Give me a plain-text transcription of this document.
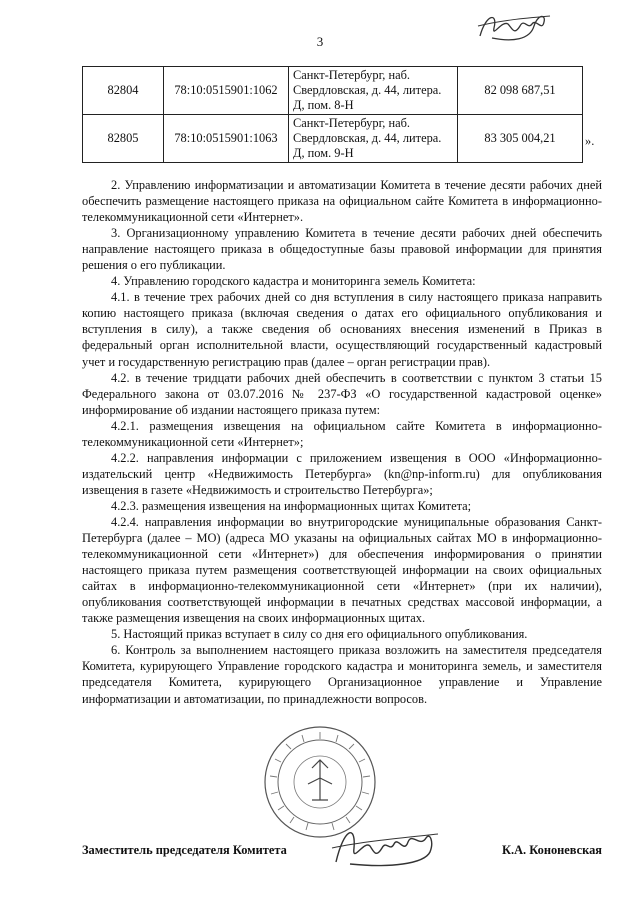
3
82804	78:10:0515901:1062	Санкт-Петербург, наб. Свердловская, д. 44, литера. Д, пом. 8-Н	82 098 687,51
82805	78:10:0515901:1063	Санкт-Петербург, наб. Свердловская, д. 44, литера. Д, пом. 9-Н	83 305 004,21 ».

2. Управлению информатизации и автоматизации Комитета в течение десяти рабочих дней обеспечить размещение настоящего приказа на официальном сайте Комитета в информационно-телекоммуникационной сети «Интернет».

3. Организационному управлению Комитета в течение десяти рабочих дней обеспечить направление настоящего приказа в общедоступные базы правовой информации для принятия решения о его публикации.

4. Управлению городского кадастра и мониторинга земель Комитета:

4.1. в течение трех рабочих дней со дня вступления в силу настоящего приказа направить копию настоящего приказа (включая сведения о датах его официального опубликования и вступления в силу), а также сведения об основаниях внесения изменений в Приказ в федеральный орган исполнительной власти, осуществляющий государственный кадастровый учет и государственную регистрацию прав (далее – орган регистрации прав).

4.2. в течение тридцати рабочих дней обеспечить в соответствии с пунктом 3 статьи 15 Федерального закона от 03.07.2016 № 237-ФЗ «О государственной кадастровой оценке» информирование об издании настоящего приказа путем:

4.2.1. размещения извещения на официальном сайте Комитета в информационно-телекоммуникационной сети «Интернет»;

4.2.2. направления информации с приложением извещения в ООО «Информационно-издательский центр «Недвижимость Петербурга» (kn@np-inform.ru) для опубликования извещения в газете «Недвижимость и строительство Петербурга»;

4.2.3. размещения извещения на информационных щитах Комитета;

4.2.4. направления информации во внутригородские муниципальные образования Санкт-Петербурга (далее – МО) (адреса МО указаны на официальных сайтах МО в информационно-телекоммуникационной сети «Интернет») для обеспечения информирования о принятии настоящего приказа путем размещения соответствующей информации на своих официальных сайтах в информационно-телекоммуникационной сети «Интернет» (при их наличии), опубликования соответствующей информации в печатных средствах массовой информации, а также размещения извещения на своих информационных щитах.

5. Настоящий приказ вступает в силу со дня его официального опубликования.

6. Контроль за выполнением настоящего приказа возложить на заместителя председателя Комитета, курирующего Управление городского кадастра и мониторинга земель, и заместителя председателя Комитета, курирующего Организационное управление и Управление информатизации и автоматизации, по принадлежности вопросов.

Заместитель председателя Комитета	К.А. Кононевская
